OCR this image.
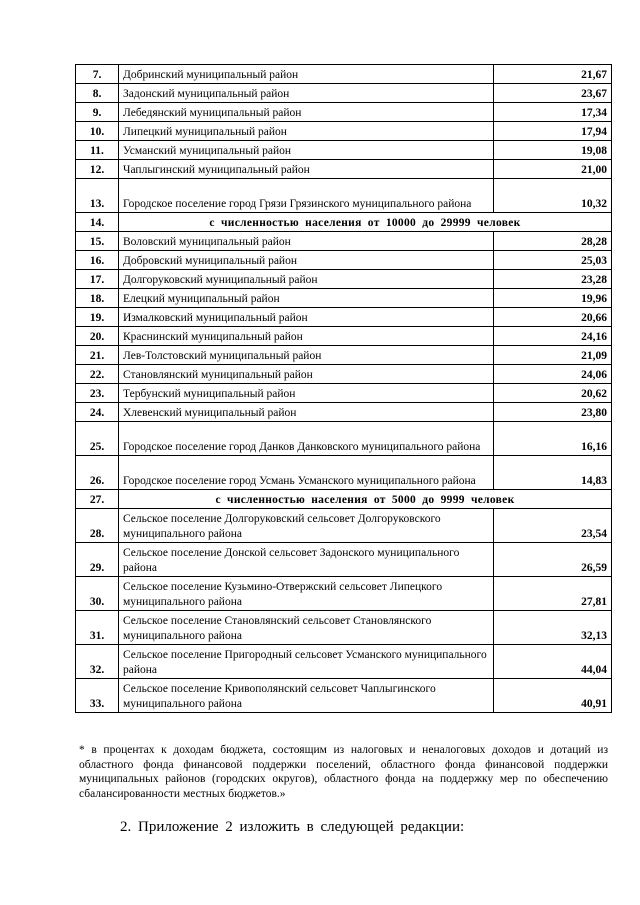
7.	Добринский муниципальный район	21,67
8.	Задонский муниципальный район	23,67
9.	Лебедянский муниципальный район	17,34
10.	Липецкий муниципальный район	17,94
11.	Усманский муниципальный район	19,08
12.	Чаплыгинский муниципальный район	21,00
13.	Городское поселение город Грязи Грязинского муниципального района	10,32
14.	с численностью населения от 10000 до 29999 человек	
15.	Воловский муниципальный район	28,28
16.	Добровский муниципальный район	25,03
17.	Долгоруковский муниципальный район	23,28
18.	Елецкий муниципальный район	19,96
19.	Измалковский муниципальный район	20,66
20.	Краснинский муниципальный район	24,16
21.	Лев-Толстовский муниципальный район	21,09
22.	Становлянский муниципальный район	24,06
23.	Тербунский муниципальный район	20,62
24.	Хлевенский муниципальный район	23,80
25.	Городское поселение город Данков Данковского муниципального района	16,16
26.	Городское поселение город Усмань Усманского муниципального района	14,83
27.	с численностью населения от 5000 до 9999 человек	
28.	Сельское поселение Долгоруковский сельсовет Долгоруковского муниципального района	23,54
29.	Сельское поселение Донской сельсовет Задонского муниципального района	26,59
30.	Сельское поселение Кузьмино-Отвержский сельсовет Липецкого муниципального района	27,81
31.	Сельское поселение Становлянский сельсовет Становлянского муниципального района	32,13
32.	Сельское поселение Пригородный сельсовет Усманского муниципального района	44,04
33.	Сельское поселение Кривополянский сельсовет Чаплыгинского муниципального района	40,91
* в процентах к доходам бюджета, состоящим из налоговых и неналоговых доходов и дотаций из областного фонда финансовой поддержки поселений, областного фонда финансовой поддержки муниципальных районов (городских округов), областного фонда на поддержку мер по обеспечению сбалансированности местных бюджетов.»
2. Приложение 2 изложить в следующей редакции:
